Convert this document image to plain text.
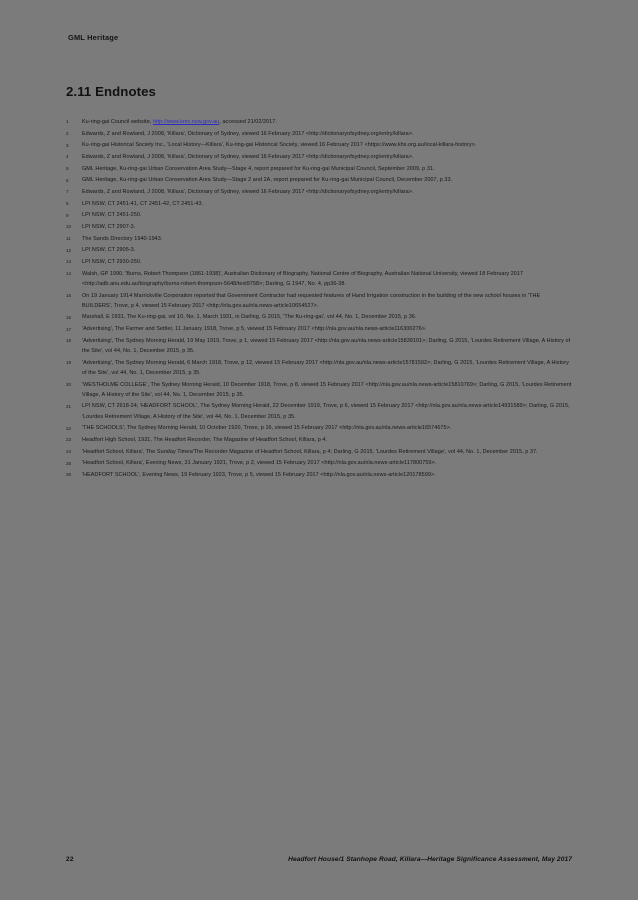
GML Heritage
2.11 Endnotes
1	Ku-ring-gai Council website, http://www.kmc.nsw.gov.au, accessed 21/02/2017.
2	Edwards, Z and Rowland, J 2008, 'Killara', Dictionary of Sydney, viewed 16 February 2017 <http://dictionaryofsydney.org/entry/killara>.
3	Ku-ring-gai Historical Society Inc., 'Local History—Killara', Ku-ring-gai Historical Society, viewed 16 February 2017 <https://www.khs.org.au/local-killara-history>.
4	Edwards, Z and Rowland, J 2008, 'Killara', Dictionary of Sydney, viewed 16 February 2017 <http://dictionaryofsydney.org/entry/killara>.
5	GML Heritage, Ku-ring-gai Urban Conservation Area Study—Stage 4, report prepared for Ku-ring-gai Municipal Council, September 2009, p 31.
6	GML Heritage, Ku-ring-gai Urban Conservation Area Study—Stage 2 and 2A, report prepared for Ku-ring-gai Municipal Council, December 2007, p 33.
7	Edwards, Z and Rowland, J 2008, 'Killara', Dictionary of Sydney, viewed 16 February 2017 <http://dictionaryofsydney.org/entry/killara>.
8	LPI NSW, CT 2451-41, CT 2451-42, CT 2451-43.
9	LPI NSW, CT 2451-250.
10	LPI NSW, CT 2907-3.
11	The Sands Directory 1940-1943.
12	LPI NSW, CT 2905-3.
13	LPI NSW, CT 2930-250.
14	Walsh, GP 1990, 'Burns, Robert Thompson (1861-1938)', Australian Dictionary of Biography, National Centre of Biography, Australian National University, viewed 18 February 2017 <http://adb.anu.edu.au/biography/burns-robert-thompson-5648/text9758>; Darling, G 1947, No. 4, pp36-38.
15	On 19 January 1914 Marrickville Corporation reported that Government Contractor had requested features of Hand Irrigation construction in the building of the new school houses in 'THE BUILDERS', Trove, p 4, viewed 15 February 2017 <http://nla.gov.au/nla.news-article10654527>.
16	Marshall, E 1931, The Ku-ring-gai, vol 10, No. 1, March 1931, in Darling, G 2015, 'The Ku-ring-gai', vol 44, No. 1, December 2015, p 36.
17	'Advertising', The Farmer and Settler, 11 January 1918, Trove, p 5, viewed 15 February 2017 <http://nla.gov.au/nla.news-article116300276>.
18	'Advertising', The Sydney Morning Herald, 19 May 1919, Trove, p 1, viewed 15 February 2017 <http://nla.gov.au/nla.news-article15839101>; Darling, G 2015, 'Lourdes Retirement Village, A History of the Site', vol 44, No. 1, December 2015, p 35.
19	'Advertising', The Sydney Morning Herald, 6 March 1918, Trove, p 12, viewed 15 February 2017 <http://nla.gov.au/nla.news-article15781592>; Darling, G 2015, 'Lourdes Retirement Village, A History of the Site', vol 44, No. 1, December 2015, p 35.
20	'WESTHOLME COLLEGE', The Sydney Morning Herald, 10 December 1918, Trove, p 8, viewed 15 February 2017 <http://nla.gov.au/nla.news-article15810769>; Darling, G 2015, 'Lourdes Retirement Village, A History of the Site', vol 44, No. 1, December 2015, p 35.
21	LPI NSW, CT 2918-24; 'HEADFORT SCHOOL', The Sydney Morning Herald, 22 December 1919, Trove, p 6, viewed 15 February 2017 <http://nla.gov.au/nla.news-article14931589>; Darling, G 2015, 'Lourdes Retirement Village, A History of the Site', vol 44, No. 1, December 2015, p 35.
22	'THE SCHOOLS', The Sydney Morning Herald, 10 October 1920, Trove, p 16, viewed 15 February 2017 <http://nla.gov.au/nla.news-article16574675>.
23	Headfort High School, 1931, The Headfort Recorder, The Magazine of Headfort School, Killara, p 4.
24	'Headfort School, Killara', The Sunday Times/The Recorder Magazine of Headfort School, Killara, p 4; Darling, G 2015, 'Lourdes Retirement Village', vol 44, No. 1, December 2015, p 37.
25	'Headfort School, Killara', Evening News, 31 January 1921, Trove, p 2, viewed 15 February 2017 <http://nla.gov.au/nla.news-article117800759>.
26	'HEADFORT SCHOOL', Evening News, 19 February 1923, Trove, p 5, viewed 15 February 2017 <http://nla.gov.au/nla.news-article120178599>.
22	Headfort House/1 Stanhope Road, Killara—Heritage Significance Assessment, May 2017
